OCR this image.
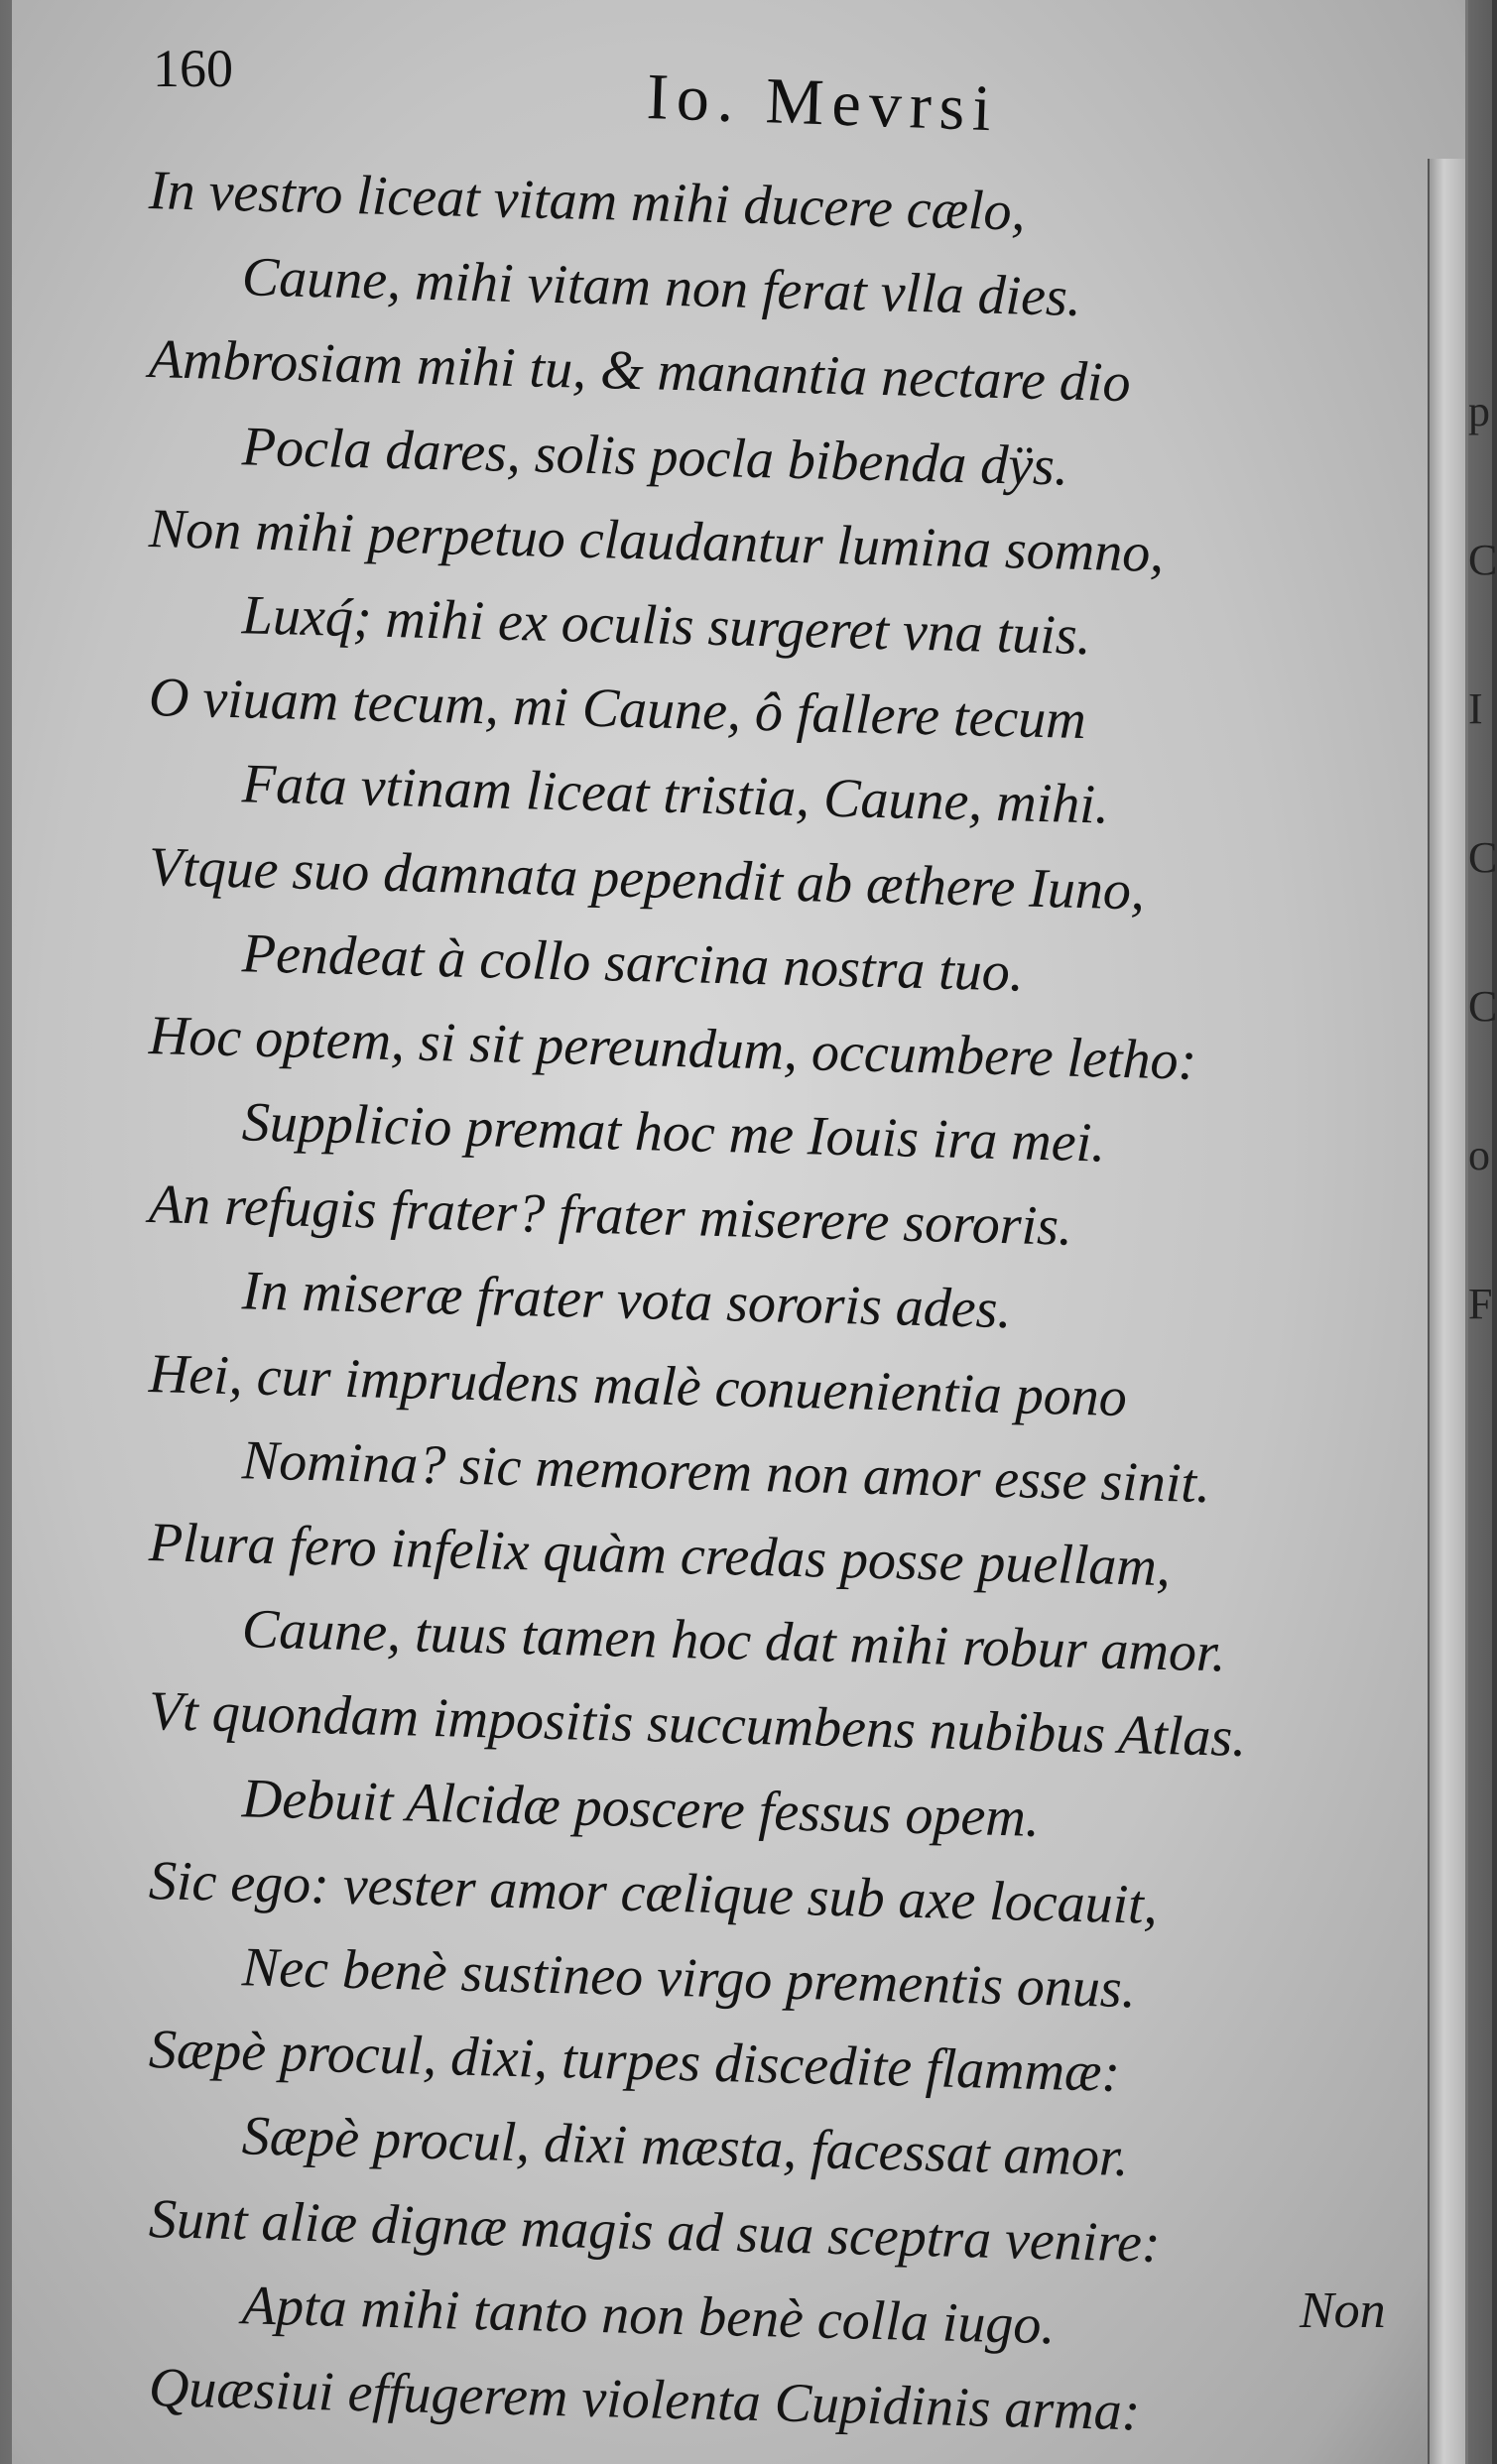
160	Io. Mevrsi
In vestro liceat vitam mihi ducere cælo,
Caune, mihi vitam non ferat vlla dies.
Ambrosiam mihi tu, & manantia nectare dio
Pocla dares, solis pocla bibenda dÿs.
Non mihi perpetuo claudantur lumina somno,
Luxq́; mihi ex oculis surgeret vna tuis.
O viuam tecum, mi Caune, ô fallere tecum
Fata vtinam liceat tristia, Caune, mihi.
Vtque suo damnata pependit ab æthere Iuno,
Pendeat à collo sarcina nostra tuo.
Hoc optem, si sit pereundum, occumbere letho:
Supplicio premat hoc me Iouis ira mei.
An refugis frater? frater miserere sororis.
In miseræ frater vota sororis ades.
Hei, cur imprudens malè conuenientia pono
Nomina? sic memorem non amor esse sinit.
Plura fero infelix quàm credas posse puellam,
Caune, tuus tamen hoc dat mihi robur amor.
Vt quondam impositis succumbens nubibus Atlas.
Debuit Alcidæ poscere fessus opem.
Sic ego: vester amor cælique sub axe locauit,
Nec benè sustineo virgo prementis onus.
Sæpè procul, dixi, turpes discedite flammæ:
Sæpè procul, dixi mæsta, facessat amor.
Sunt aliæ dignæ magis ad sua sceptra venire:
Apta mihi tanto non benè colla iugo.
Quæsiui effugerem violenta Cupidinis arma:
Non
p
C
I
C
C
o
F
